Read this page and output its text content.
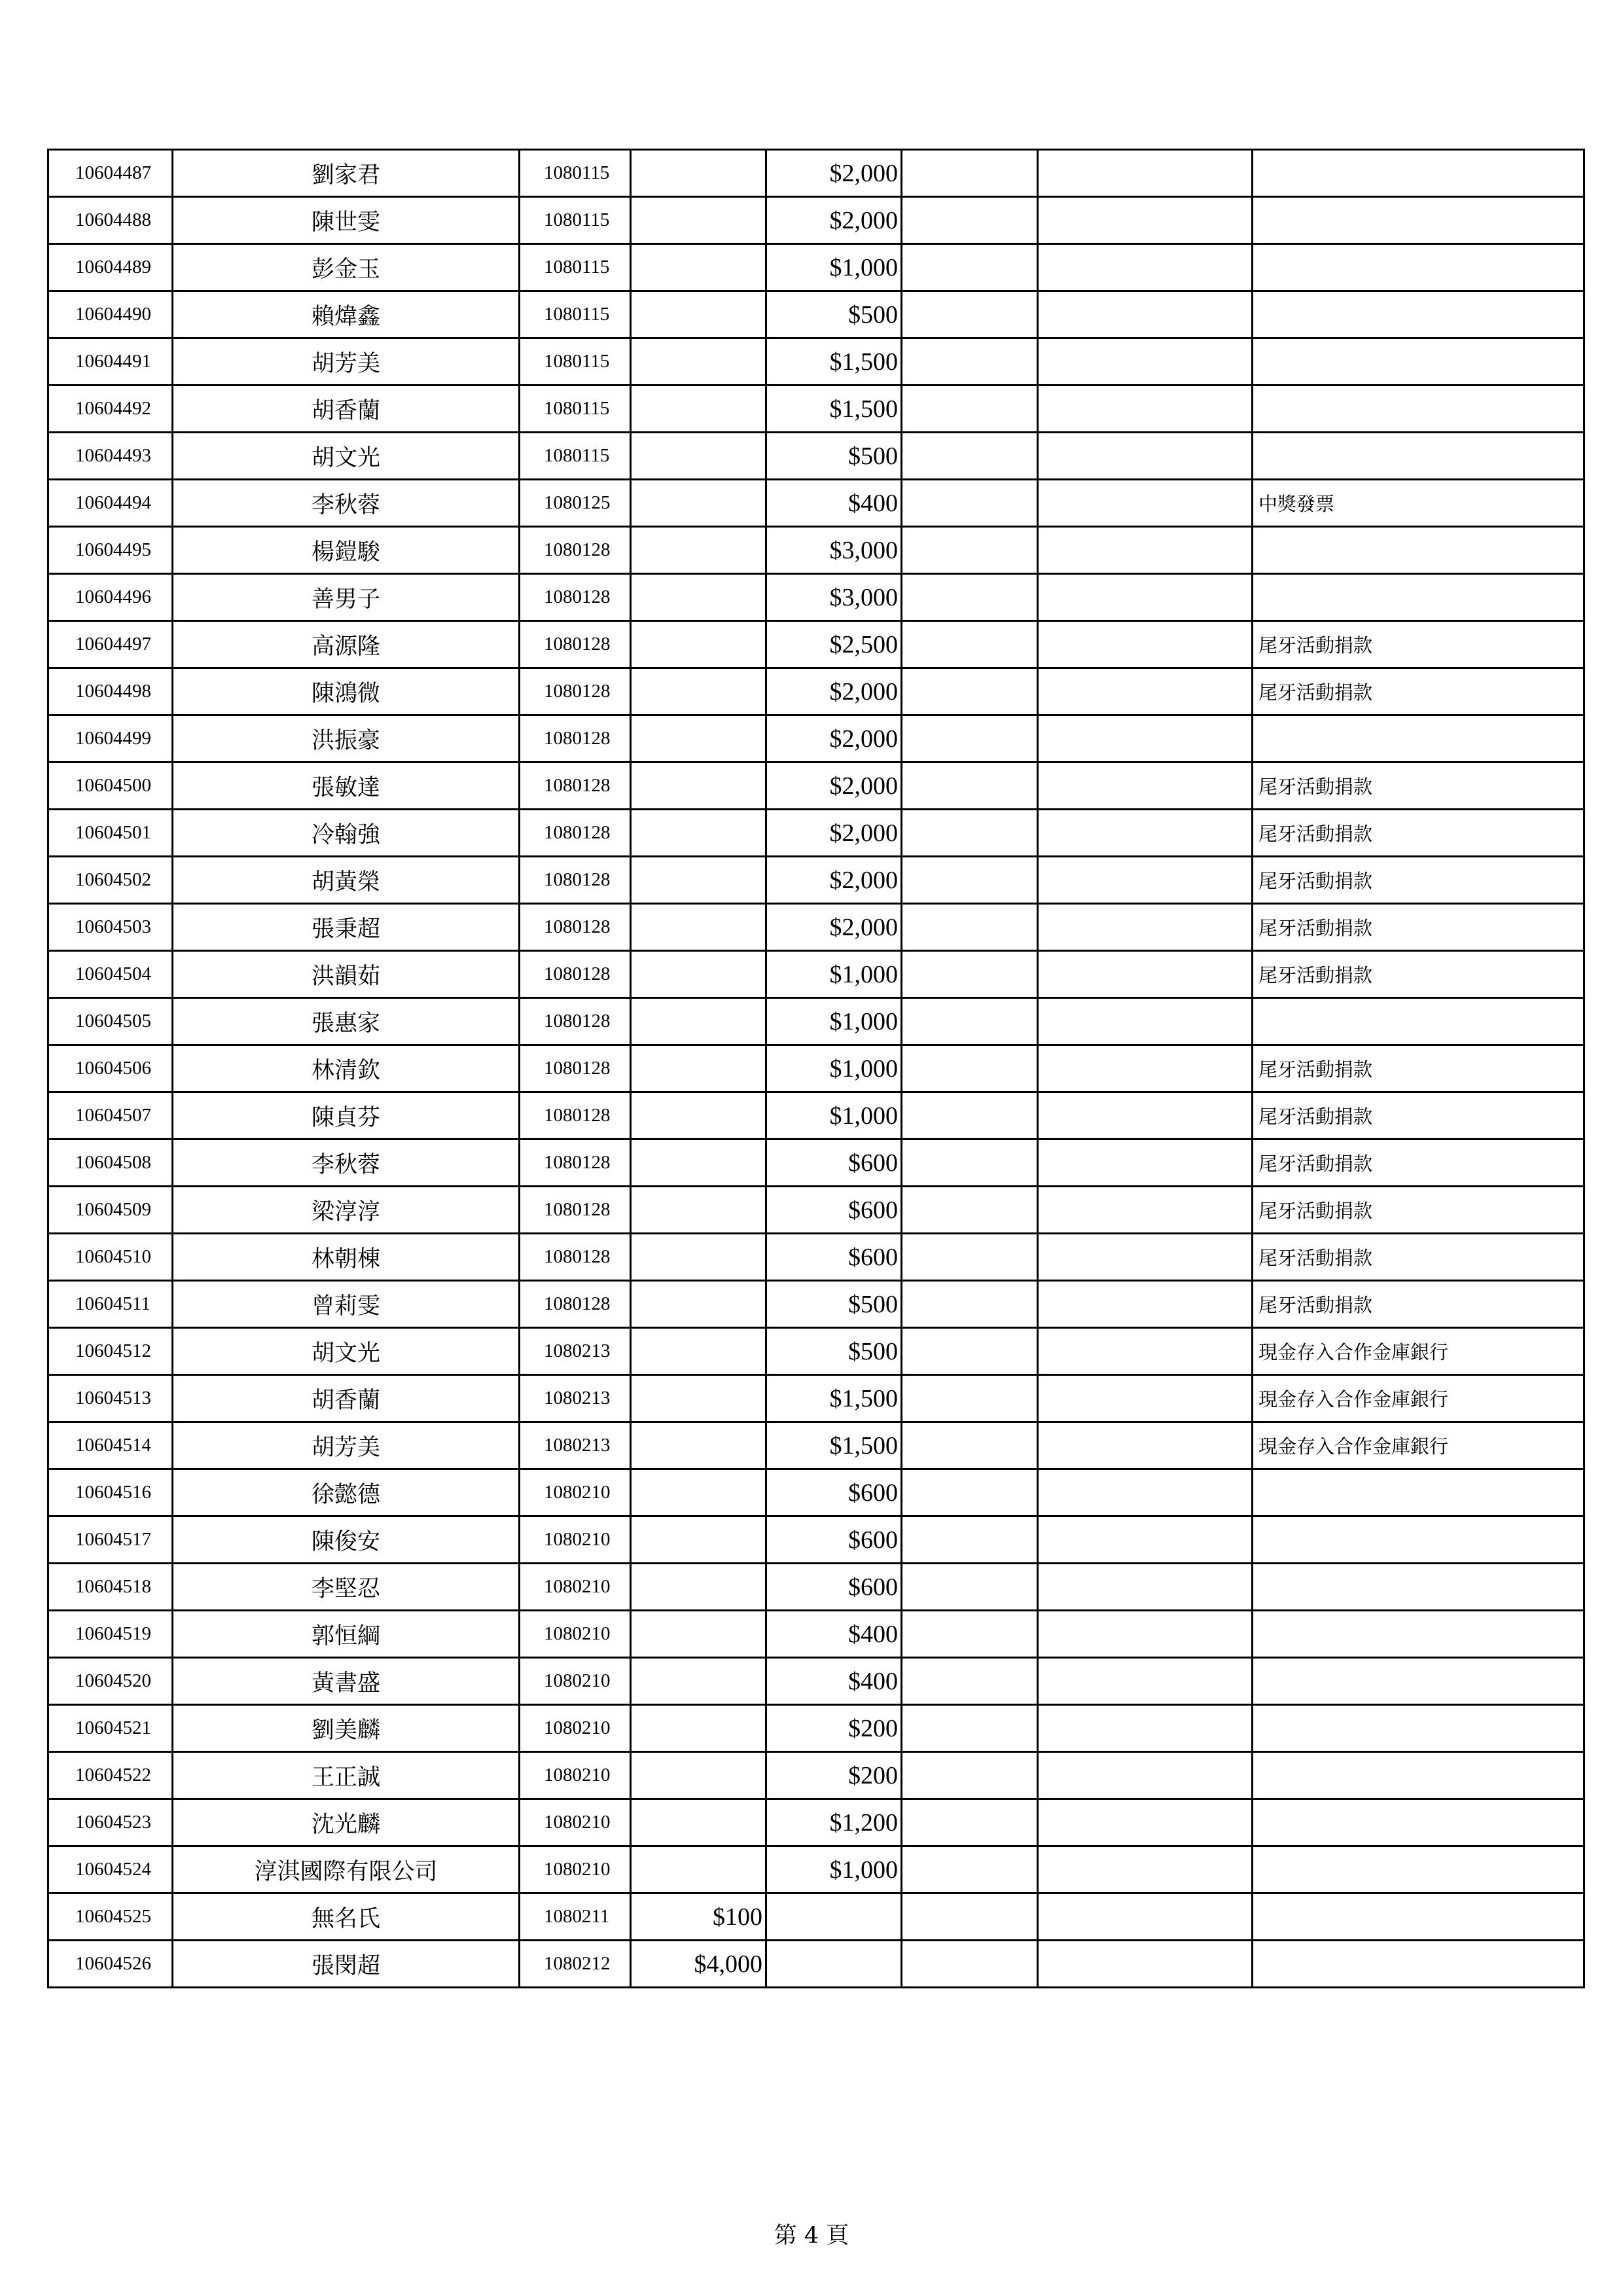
10604487	劉家君	1080115		$2,000			
10604488	陳世雯	1080115		$2,000			
10604489	彭金玉	1080115		$1,000			
10604490	賴煒鑫	1080115		$500			
10604491	胡芳美	1080115		$1,500			
10604492	胡香蘭	1080115		$1,500			
10604493	胡文光	1080115		$500			
10604494	李秋蓉	1080125		$400			中獎發票
10604495	楊鎧駿	1080128		$3,000			
10604496	善男子	1080128		$3,000			
10604497	高源隆	1080128		$2,500			尾牙活動捐款
10604498	陳鴻微	1080128		$2,000			尾牙活動捐款
10604499	洪振豪	1080128		$2,000			
10604500	張敏達	1080128		$2,000			尾牙活動捐款
10604501	冷翰強	1080128		$2,000			尾牙活動捐款
10604502	胡黃榮	1080128		$2,000			尾牙活動捐款
10604503	張秉超	1080128		$2,000			尾牙活動捐款
10604504	洪韻茹	1080128		$1,000			尾牙活動捐款
10604505	張惠家	1080128		$1,000			
10604506	林清欽	1080128		$1,000			尾牙活動捐款
10604507	陳貞芬	1080128		$1,000			尾牙活動捐款
10604508	李秋蓉	1080128		$600			尾牙活動捐款
10604509	梁淳淳	1080128		$600			尾牙活動捐款
10604510	林朝棟	1080128		$600			尾牙活動捐款
10604511	曾莉雯	1080128		$500			尾牙活動捐款
10604512	胡文光	1080213		$500			現金存入合作金庫銀行
10604513	胡香蘭	1080213		$1,500			現金存入合作金庫銀行
10604514	胡芳美	1080213		$1,500			現金存入合作金庫銀行
10604516	徐懿德	1080210		$600			
10604517	陳俊安	1080210		$600			
10604518	李堅忍	1080210		$600			
10604519	郭恒綱	1080210		$400			
10604520	黃書盛	1080210		$400			
10604521	劉美麟	1080210		$200			
10604522	王正誠	1080210		$200			
10604523	沈光麟	1080210		$1,200			
10604524	淳淇國際有限公司	1080210		$1,000			
10604525	無名氏	1080211	$100				
10604526	張閔超	1080212	$4,000				
第 4 頁
